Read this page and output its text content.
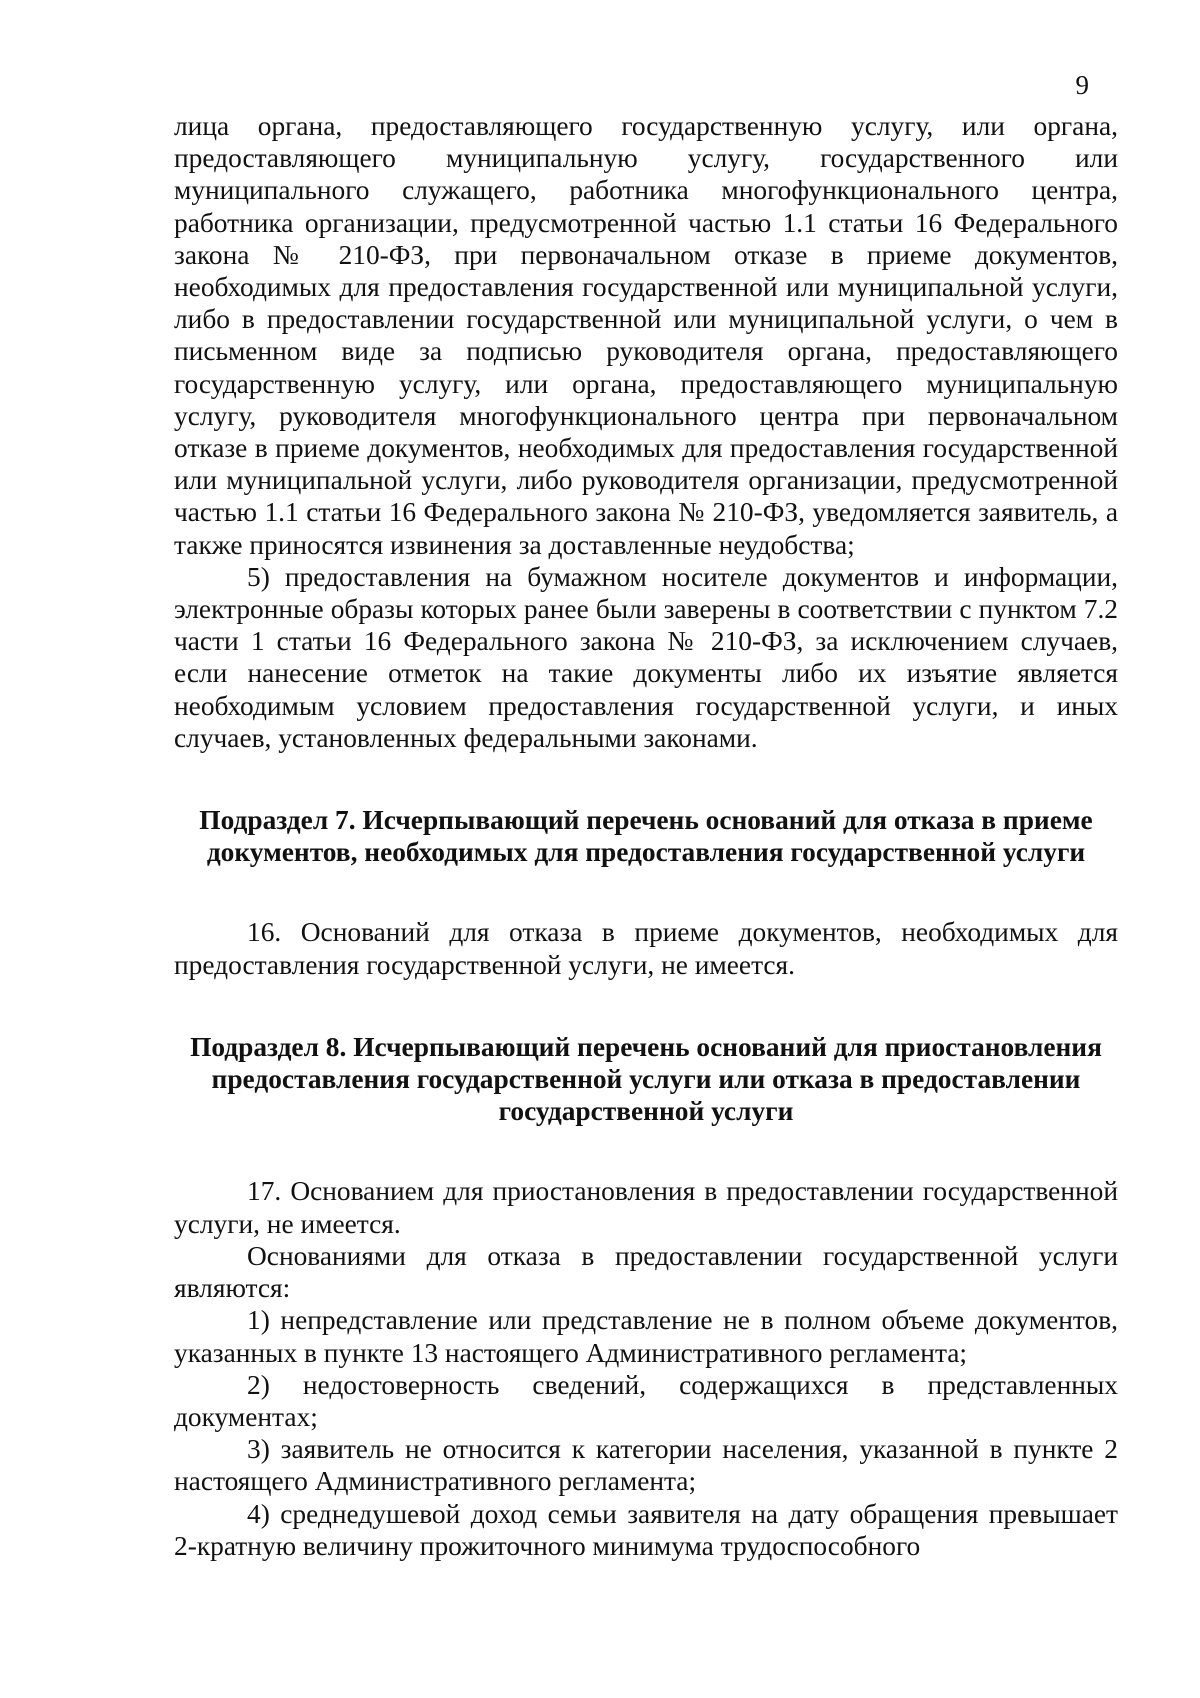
9

лица органа, предоставляющего государственную услугу, или органа, предоставляющего муниципальную услугу, государственного или муниципального служащего, работника многофункционального центра, работника организации, предусмотренной частью 1.1 статьи 16 Федерального закона № 210-ФЗ, при первоначальном отказе в приеме документов, необходимых для предоставления государственной или муниципальной услуги, либо в предоставлении государственной или муниципальной услуги, о чем в письменном виде за подписью руководителя органа, предоставляющего государственную услугу, или органа, предоставляющего муниципальную услугу, руководителя многофункционального центра при первоначальном отказе в приеме документов, необходимых для предоставления государственной или муниципальной услуги, либо руководителя организации, предусмотренной частью 1.1 статьи 16 Федерального закона № 210-ФЗ, уведомляется заявитель, а также приносятся извинения за доставленные неудобства;

5) предоставления на бумажном носителе документов и информации, электронные образы которых ранее были заверены в соответствии с пунктом 7.2 части 1 статьи 16 Федерального закона № 210-ФЗ, за исключением случаев, если нанесение отметок на такие документы либо их изъятие является необходимым условием предоставления государственной услуги, и иных случаев, установленных федеральными законами.

Подраздел 7. Исчерпывающий перечень оснований для отказа в приеме документов, необходимых для предоставления государственной услуги

16. Оснований для отказа в приеме документов, необходимых для предоставления государственной услуги, не имеется.

Подраздел 8. Исчерпывающий перечень оснований для приостановления предоставления государственной услуги или отказа в предоставлении государственной услуги

17. Основанием для приостановления в предоставлении государственной услуги, не имеется.

Основаниями для отказа в предоставлении государственной услуги являются:

1) непредставление или представление не в полном объеме документов, указанных в пункте 13 настоящего Административного регламента;

2) недостоверность сведений, содержащихся в представленных документах;

3) заявитель не относится к категории населения, указанной в пункте 2 настоящего Административного регламента;

4) среднедушевой доход семьи заявителя на дату обращения превышает 2-кратную величину прожиточного минимума трудоспособного
